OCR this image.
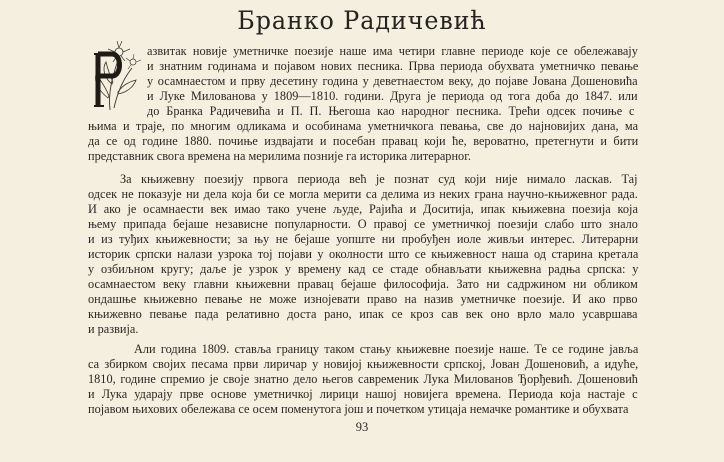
Бранко Радичевић
азвитак новије уметничке поезије наше има четири главне периоде које се обележавају
и знатним годинама и појавом нових песника. Прва периода обухвата уметничко певање
у осамнаестом и прву десетину година у деветнаестом веку, до појаве Јована Дошеновића
и Луке Милованова у 1809—1810. години. Друга је периода од тога доба до 1847. или
до Бранка Радичевића и П. П. Његоша као народног песника. Трећи одсек почиње с
њима и траје, по многим одликама и особинама уметничкога певања, све до најновијих дана, ма
да се од године 1880. почиње издвајати и посебан правац који ће, вероватно, претегнути и бити
представник свога времена на мерилима позније га историка литерарног.
За књижевну поезију првога периода већ је познат суд који није нимало ласкав. Тај
одсек не показује ни дела која би се могла мерити са делима из неких грана научно-књижевног рада.
И ако је осамнаести век имао тако учене људе, Рајића и Доситија, ипак књижевна поезија која
њему припада бејаше независне популарности. О правој се уметничкој поезији слабо што знало
и из туђих књижевности; за њу не бејаше уопште ни пробуђен иоле живљи интерес. Литерарни
историк српски налази узрока тој појави у околности што се књижевност наша од старина кретала
у озбиљном кругу; даље је узрок у времену кад се стаде обнављати књижевна радња српска: у
осамнаестом веку главни књижевни правац бејаше философија. Зато ни садржином ни обликом
ондашње књижевно певање не може изнојевати право на назив уметничке поезије. И ако прво
књижевно певање пада релативно доста рано, ипак се кроз сав век оно врло мало усавршава
и развија.
Али година 1809. ставља границу таком стању књижевне поезије наше. Те се године јавља
са збирком својих песама први лиричар у новијој књижевности српској, Јован Дошеновић, а идуће,
1810, године спремио је своје знатно дело његов савременик Лука Милованов Ђорђевић. Дошеновић
и Лука ударају прве основе уметничкој лирици нашој новијега времена. Периода која настаје с
појавом њихових обележава се осем поменутога још и почетком утицаја немачке романтике и обухвата
93
